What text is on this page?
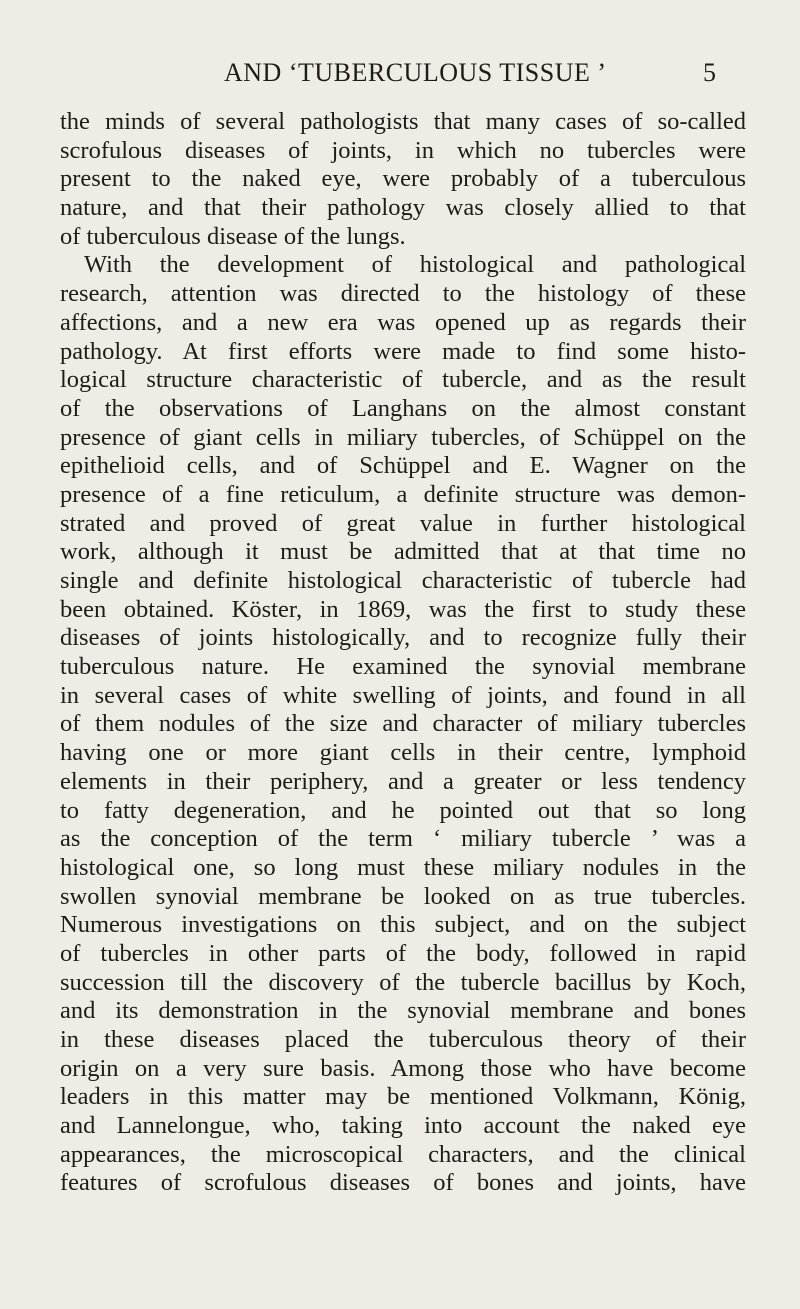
AND ‘TUBERCULOUS TISSUE ’	5
the minds of several pathologists that many cases of so-called
scrofulous diseases of joints, in which no tubercles were
present to the naked eye, were probably of a tuberculous
nature, and that their pathology was closely allied to that
of tuberculous disease of the lungs.
With the development of histological and pathological
research, attention was directed to the histology of these
affections, and a new era was opened up as regards their
pathology. At first efforts were made to find some histo-
logical structure characteristic of tubercle, and as the result
of the observations of Langhans on the almost constant
presence of giant cells in miliary tubercles, of Schüppel on the
epithelioid cells, and of Schüppel and E. Wagner on the
presence of a fine reticulum, a definite structure was demon-
strated and proved of great value in further histological
work, although it must be admitted that at that time no
single and definite histological characteristic of tubercle had
been obtained. Köster, in 1869, was the first to study these
diseases of joints histologically, and to recognize fully their
tuberculous nature. He examined the synovial membrane
in several cases of white swelling of joints, and found in all
of them nodules of the size and character of miliary tubercles
having one or more giant cells in their centre, lymphoid
elements in their periphery, and a greater or less tendency
to fatty degeneration, and he pointed out that so long
as the conception of the term ‘ miliary tubercle ’ was a
histological one, so long must these miliary nodules in the
swollen synovial membrane be looked on as true tubercles.
Numerous investigations on this subject, and on the subject
of tubercles in other parts of the body, followed in rapid
succession till the discovery of the tubercle bacillus by Koch,
and its demonstration in the synovial membrane and bones
in these diseases placed the tuberculous theory of their
origin on a very sure basis. Among those who have become
leaders in this matter may be mentioned Volkmann, König,
and Lannelongue, who, taking into account the naked eye
appearances, the microscopical characters, and the clinical
features of scrofulous diseases of bones and joints, have
